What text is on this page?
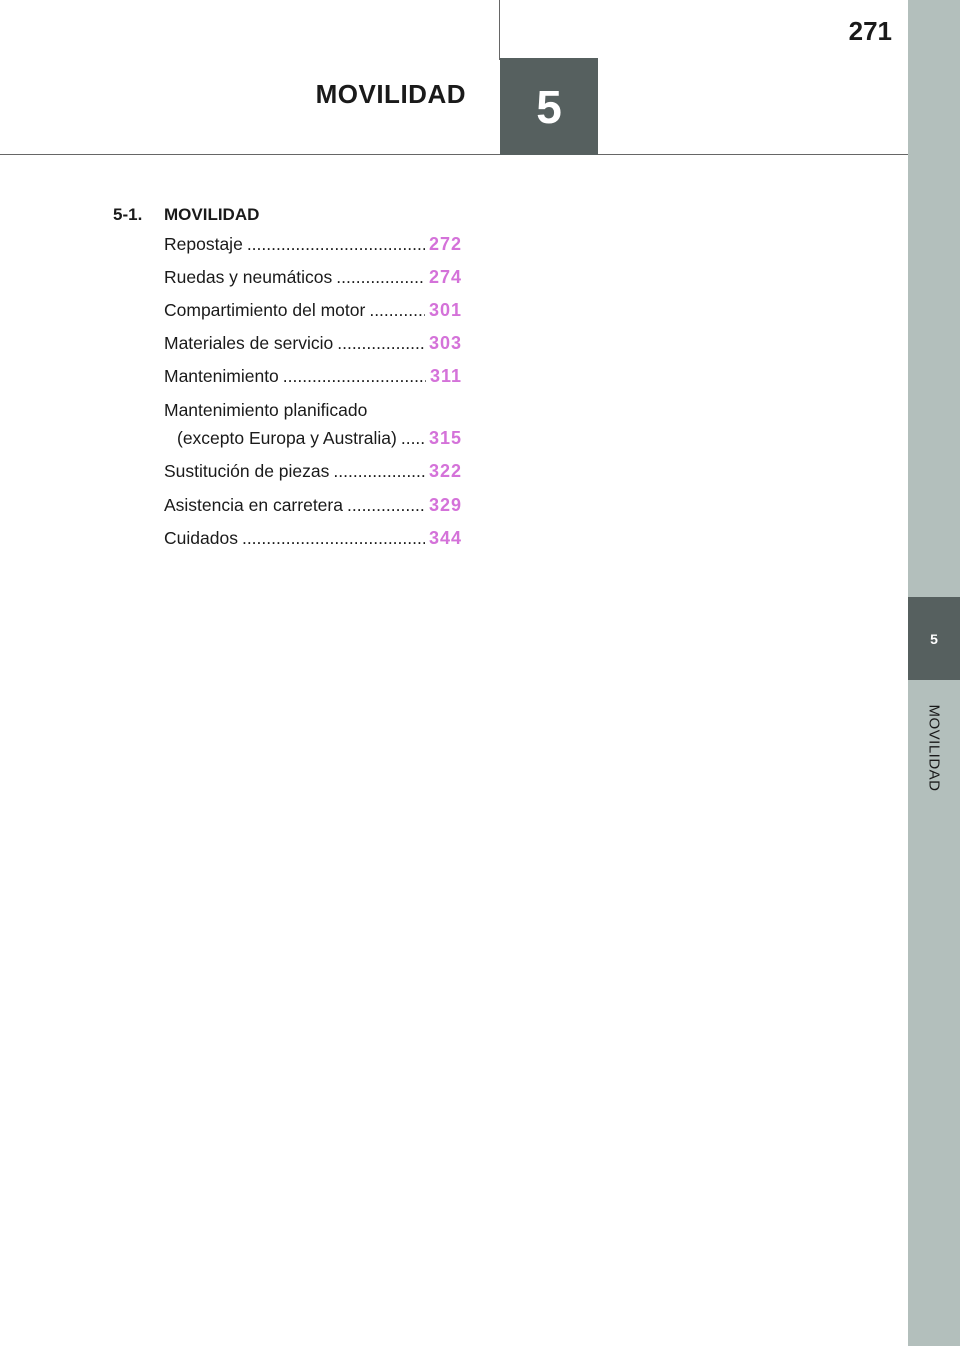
5
MOVILIDAD
5
MOVILIDAD
271
5-1.	MOVILIDAD
Repostaje .....	272
Ruedas y neumáticos .....	274
Compartimiento del motor .....	301
Materiales de servicio .....	303
Mantenimiento .....	311
Mantenimiento planificado
(excepto Europa y Australia) ..... 315
Sustitución de piezas .....	322
Asistencia en carretera .....	329
Cuidados .....	344
